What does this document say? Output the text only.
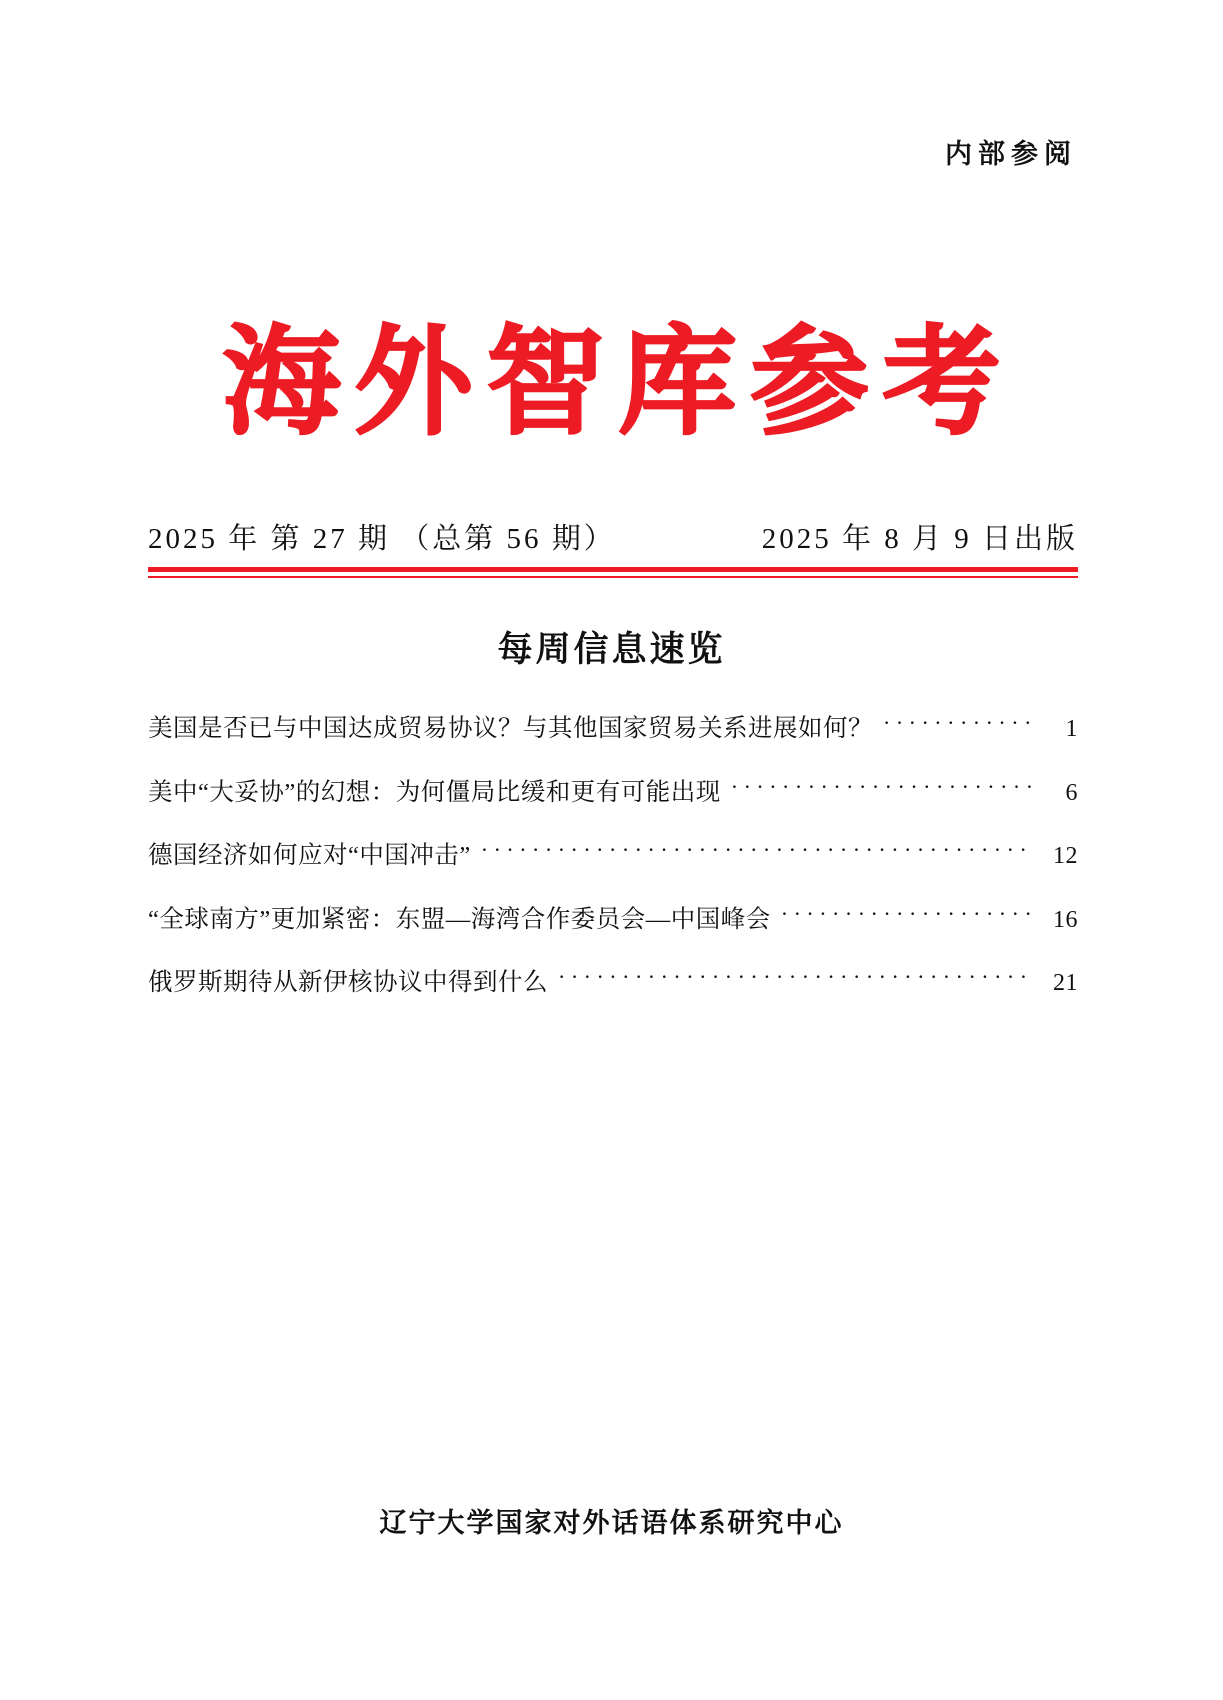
内部参阅
海外智库参考
2025 年 第 27 期 （总第 56 期）	2025 年 8 月 9 日出版
每周信息速览
美国是否已与中国达成贸易协议？与其他国家贸易关系进展如何？ ·····	1
美中“大妥协”的幻想：为何僵局比缓和更有可能出现 ·····	6
德国经济如何应对“中国冲击” ·····	12
“全球南方”更加紧密：东盟—海湾合作委员会—中国峰会 ·····	16
俄罗斯期待从新伊核协议中得到什么 ·····	21
辽宁大学国家对外话语体系研究中心
